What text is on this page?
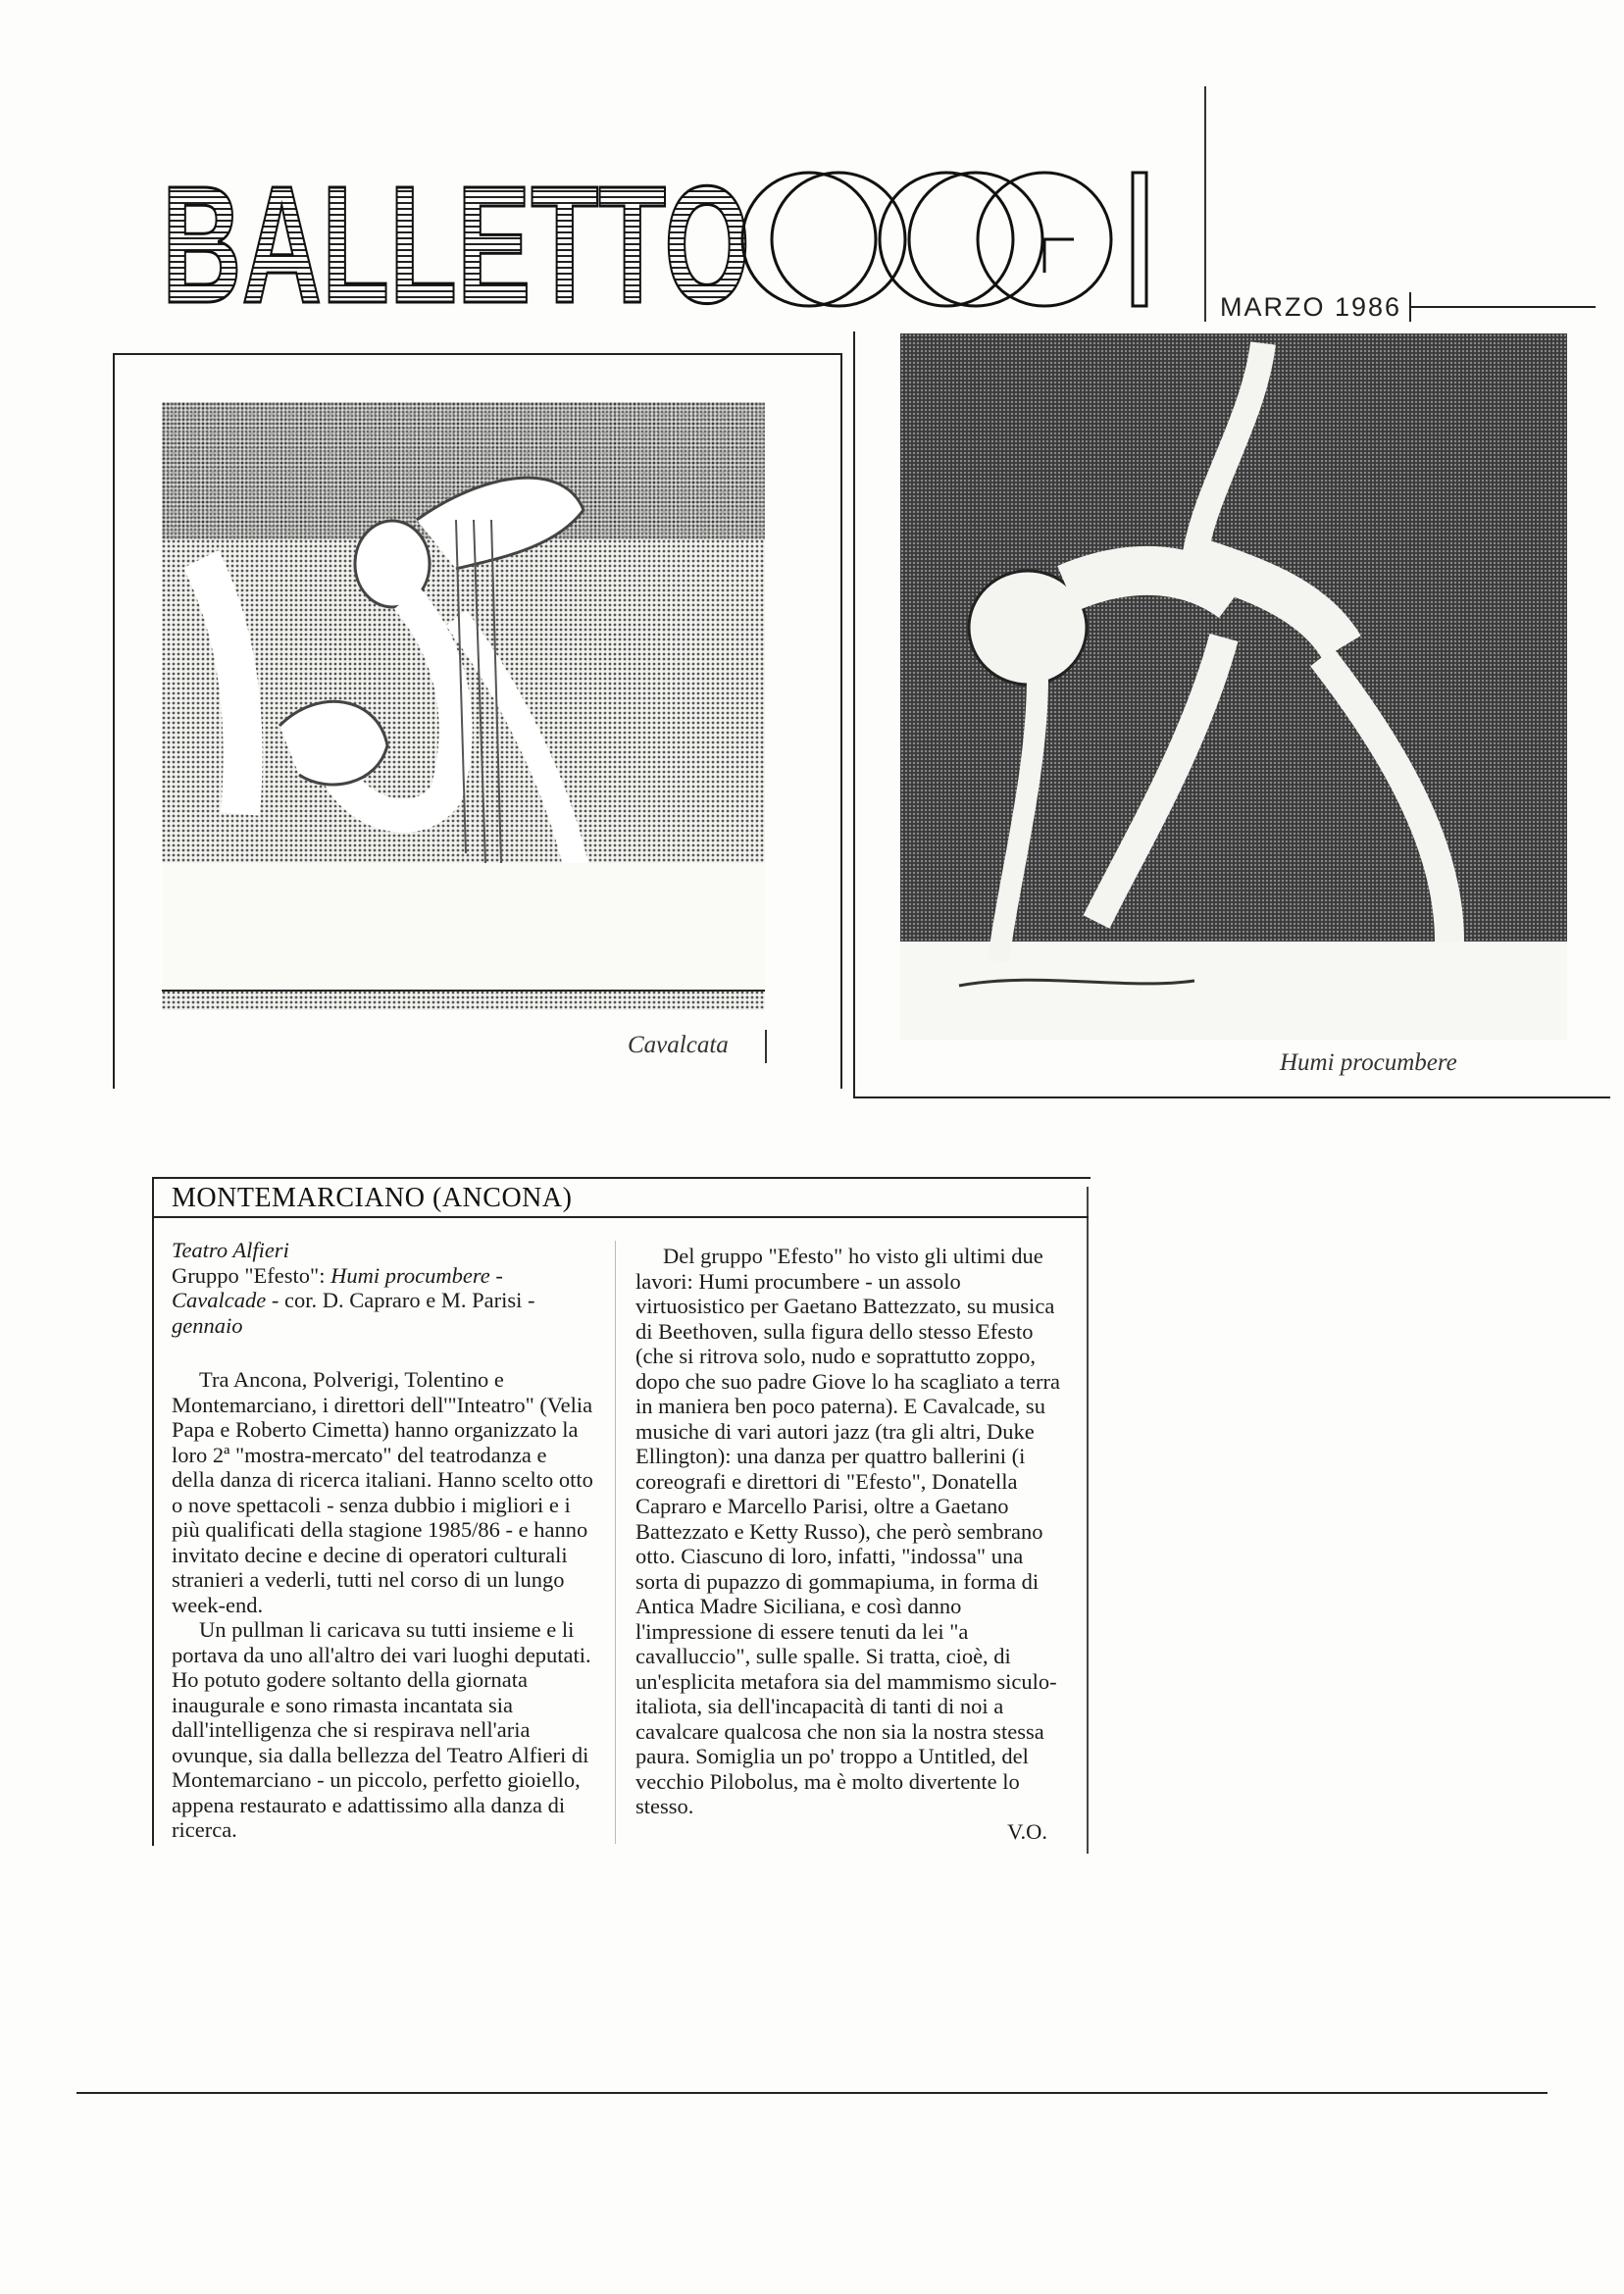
BALLETTO	MARZO 1986
Cavalcata
Humi procumbere
MONTEMARCIANO (ANCONA)

Teatro Alfieri

Gruppo "Efesto": Humi procumbere - Cavalcade - cor. D. Capraro e M. Parisi - gennaio

Tra Ancona, Polverigi, Tolentino e Montemarciano, i direttori dell'"Inteatro" (Velia Papa e Roberto Cimetta) hanno organizzato la loro 2ª "mostra-mercato" del teatrodanza e della danza di ricerca italiani. Hanno scelto otto o nove spettacoli - senza dubbio i migliori e i più qualificati della stagione 1985/86 - e hanno invitato decine e decine di operatori culturali stranieri a vederli, tutti nel corso di un lungo week-end.

Un pullman li caricava su tutti insieme e li portava da uno all'altro dei vari luoghi deputati. Ho potuto godere soltanto della giornata inaugurale e sono rimasta incantata sia dall'intelligenza che si respirava nell'aria ovunque, sia dalla bellezza del Teatro Alfieri di Montemarciano - un piccolo, perfetto gioiello, appena restaurato e adattissimo alla danza di ricerca.

Del gruppo "Efesto" ho visto gli ultimi due lavori: Humi procumbere - un assolo virtuosistico per Gaetano Battezzato, su musica di Beethoven, sulla figura dello stesso Efesto (che si ritrova solo, nudo e soprattutto zoppo, dopo che suo padre Giove lo ha scagliato a terra in maniera ben poco paterna). E Cavalcade, su musiche di vari autori jazz (tra gli altri, Duke Ellington): una danza per quattro ballerini (i coreografi e direttori di "Efesto", Donatella Capraro e Marcello Parisi, oltre a Gaetano Battezzato e Ketty Russo), che però sembrano otto. Ciascuno di loro, infatti, "indossa" una sorta di pupazzo di gommapiuma, in forma di Antica Madre Siciliana, e così danno l'impressione di essere tenuti da lei "a cavalluccio", sulle spalle. Si tratta, cioè, di un'esplicita metafora sia del mammismo siculo-italiota, sia dell'incapacità di tanti di noi a cavalcare qualcosa che non sia la nostra stessa paura. Somiglia un po' troppo a Untitled, del vecchio Pilobolus, ma è molto divertente lo stesso.

V.O.
